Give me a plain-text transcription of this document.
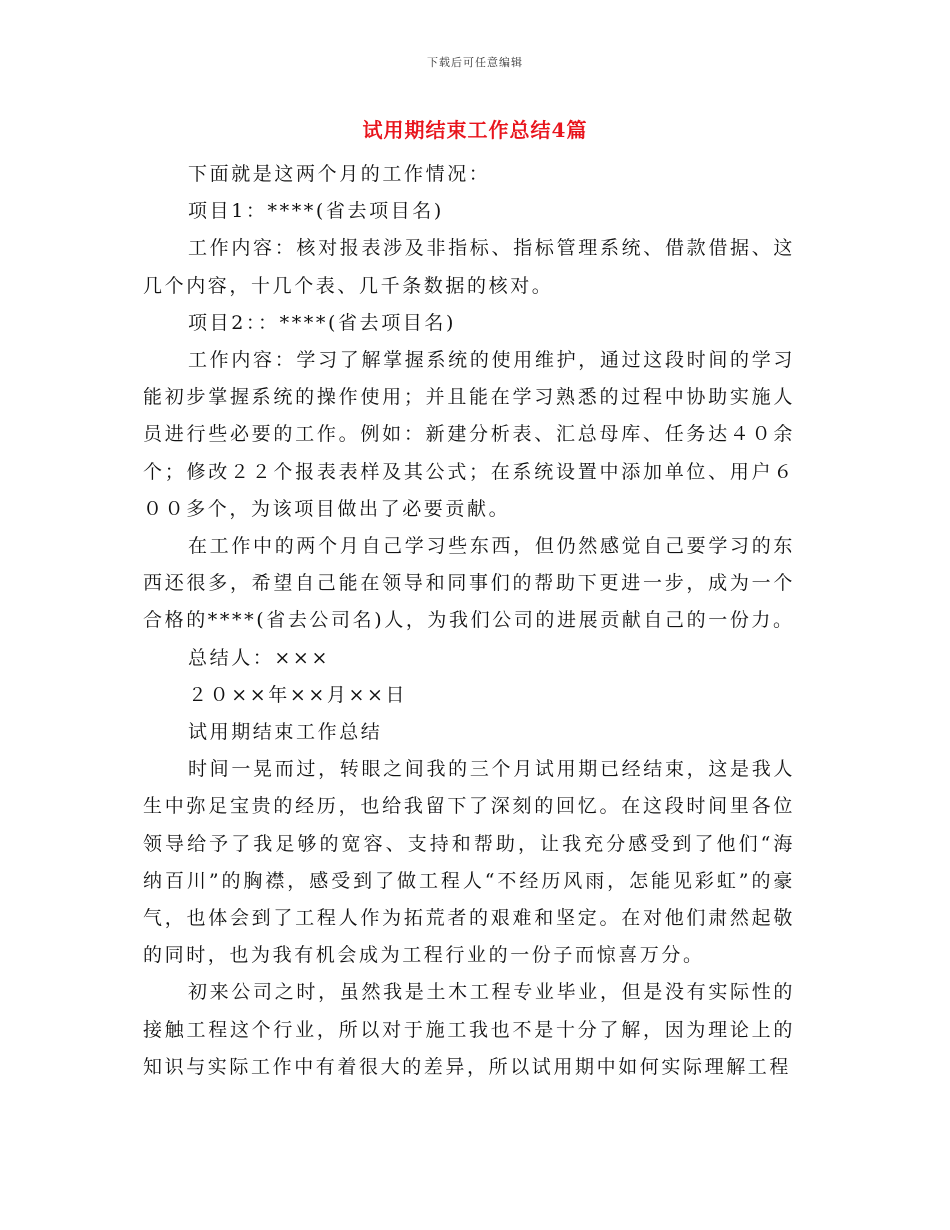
下载后可任意编辑
试用期结束工作总结4篇

下面就是这两个月的工作情况：

项目1：****(省去项目名)

工作内容：核对报表涉及非指标、指标管理系统、借款借据、这几个内容，十几个表、几千条数据的核对。

项目2：：****(省去项目名)

工作内容：学习了解掌握系统的使用维护，通过这段时间的学习能初步掌握系统的操作使用；并且能在学习熟悉的过程中协助实施人员进行些必要的工作。例如：新建分析表、汇总母库、任务达４０余个；修改２２个报表表样及其公式；在系统设置中添加单位、用户６００多个，为该项目做出了必要贡献。

在工作中的两个月自己学习些东西，但仍然感觉自己要学习的东西还很多，希望自己能在领导和同事们的帮助下更进一步，成为一个合格的****(省去公司名)人，为我们公司的进展贡献自己的一份力。

总结人：×××

２０××年××月××日

试用期结束工作总结

时间一晃而过，转眼之间我的三个月试用期已经结束，这是我人生中弥足宝贵的经历，也给我留下了深刻的回忆。在这段时间里各位领导给予了我足够的宽容、支持和帮助，让我充分感受到了他们“海纳百川”的胸襟，感受到了做工程人“不经历风雨，怎能见彩虹”的豪气，也体会到了工程人作为拓荒者的艰难和坚定。在对他们肃然起敬的同时，也为我有机会成为工程行业的一份子而惊喜万分。

初来公司之时，虽然我是土木工程专业毕业，但是没有实际性的接触工程这个行业，所以对于施工我也不是十分了解，因为理论上的知识与实际工作中有着很大的差异，所以试用期中如何实际理解工程
